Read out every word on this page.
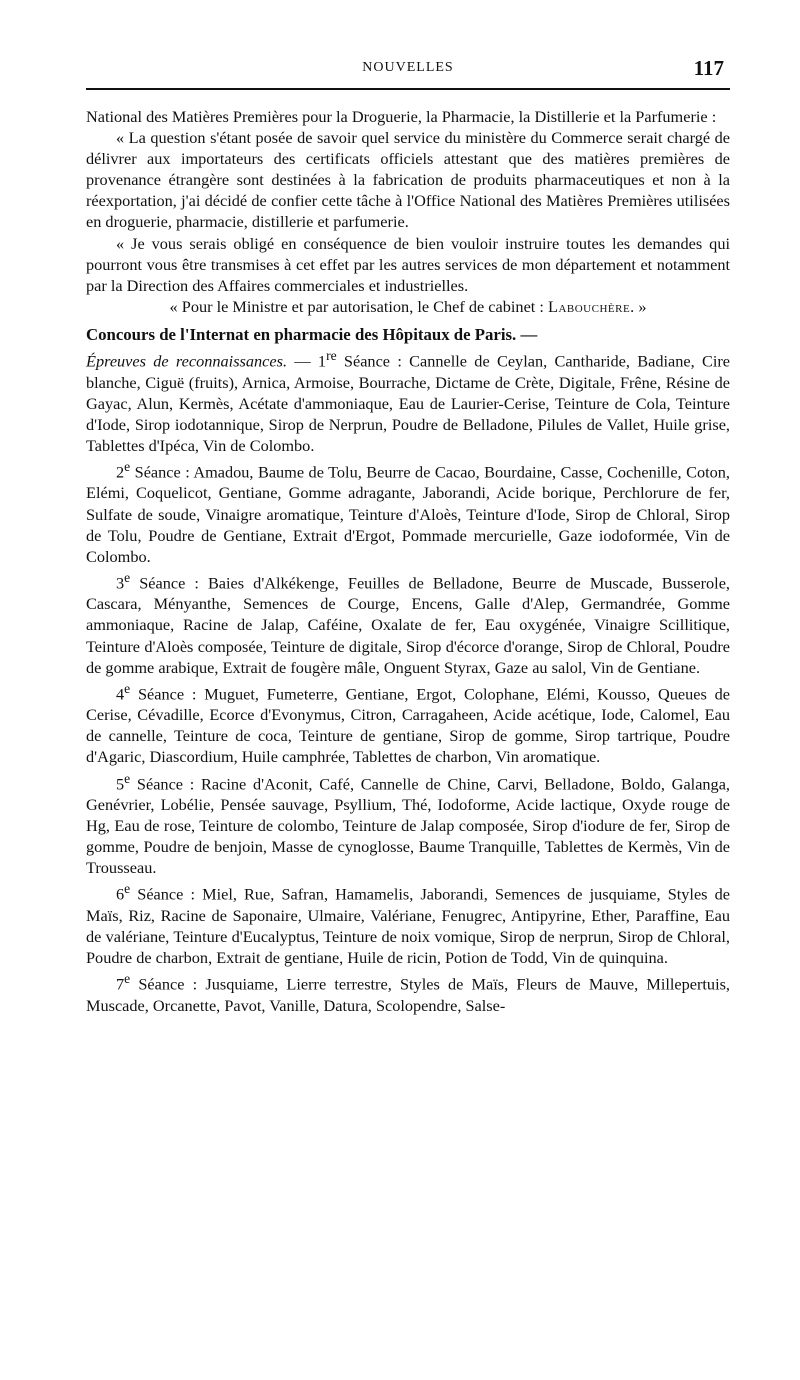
NOUVELLES	117

National des Matières Premières pour la Droguerie, la Pharmacie, la Distillerie et la Parfumerie :

« La question s'étant posée de savoir quel service du ministère du Commerce serait chargé de délivrer aux importateurs des certificats officiels attestant que des matières premières de provenance étrangère sont destinées à la fabrication de produits pharmaceutiques et non à la réexportation, j'ai décidé de confier cette tâche à l'Office National des Matières Premières utilisées en droguerie, pharmacie, distillerie et parfumerie.

« Je vous serais obligé en conséquence de bien vouloir instruire toutes les demandes qui pourront vous être transmises à cet effet par les autres services de mon département et notamment par la Direction des Affaires commerciales et industrielles.

« Pour le Ministre et par autorisation, le Chef de cabinet : Labouchère. »

Concours de l'Internat en pharmacie des Hôpitaux de Paris. —

Épreuves de reconnaissances. — 1re Séance : Cannelle de Ceylan, Cantharide, Badiane, Cire blanche, Ciguë (fruits), Arnica, Armoise, Bourrache, Dictame de Crète, Digitale, Frêne, Résine de Gayac, Alun, Kermès, Acétate d'ammoniaque, Eau de Laurier-Cerise, Teinture de Cola, Teinture d'Iode, Sirop iodotannique, Sirop de Nerprun, Poudre de Belladone, Pilules de Vallet, Huile grise, Tablettes d'Ipéca, Vin de Colombo.

2e Séance : Amadou, Baume de Tolu, Beurre de Cacao, Bourdaine, Casse, Cochenille, Coton, Elémi, Coquelicot, Gentiane, Gomme adragante, Jaborandi, Acide borique, Perchlorure de fer, Sulfate de soude, Vinaigre aromatique, Teinture d'Aloès, Teinture d'Iode, Sirop de Chloral, Sirop de Tolu, Poudre de Gentiane, Extrait d'Ergot, Pommade mercurielle, Gaze iodoformée, Vin de Colombo.

3e Séance : Baies d'Alkékenge, Feuilles de Belladone, Beurre de Muscade, Busserole, Cascara, Ményanthe, Semences de Courge, Encens, Galle d'Alep, Germandrée, Gomme ammoniaque, Racine de Jalap, Caféine, Oxalate de fer, Eau oxygénée, Vinaigre Scillitique, Teinture d'Aloès composée, Teinture de digitale, Sirop d'écorce d'orange, Sirop de Chloral, Poudre de gomme arabique, Extrait de fougère mâle, Onguent Styrax, Gaze au salol, Vin de Gentiane.

4e Séance : Muguet, Fumeterre, Gentiane, Ergot, Colophane, Elémi, Kousso, Queues de Cerise, Cévadille, Ecorce d'Evonymus, Citron, Carragaheen, Acide acétique, Iode, Calomel, Eau de cannelle, Teinture de coca, Teinture de gentiane, Sirop de gomme, Sirop tartrique, Poudre d'Agaric, Diascordium, Huile camphrée, Tablettes de charbon, Vin aromatique.

5e Séance : Racine d'Aconit, Café, Cannelle de Chine, Carvi, Belladone, Boldo, Galanga, Genévrier, Lobélie, Pensée sauvage, Psyllium, Thé, Iodoforme, Acide lactique, Oxyde rouge de Hg, Eau de rose, Teinture de colombo, Teinture de Jalap composée, Sirop d'iodure de fer, Sirop de gomme, Poudre de benjoin, Masse de cynoglosse, Baume Tranquille, Tablettes de Kermès, Vin de Trousseau.

6e Séance : Miel, Rue, Safran, Hamamelis, Jaborandi, Semences de jusquiame, Styles de Maïs, Riz, Racine de Saponaire, Ulmaire, Valériane, Fenugrec, Antipyrine, Ether, Paraffine, Eau de valériane, Teinture d'Eucalyptus, Teinture de noix vomique, Sirop de nerprun, Sirop de Chloral, Poudre de charbon, Extrait de gentiane, Huile de ricin, Potion de Todd, Vin de quinquina.

7e Séance : Jusquiame, Lierre terrestre, Styles de Maïs, Fleurs de Mauve, Millepertuis, Muscade, Orcanette, Pavot, Vanille, Datura, Scolopendre, Salse-
